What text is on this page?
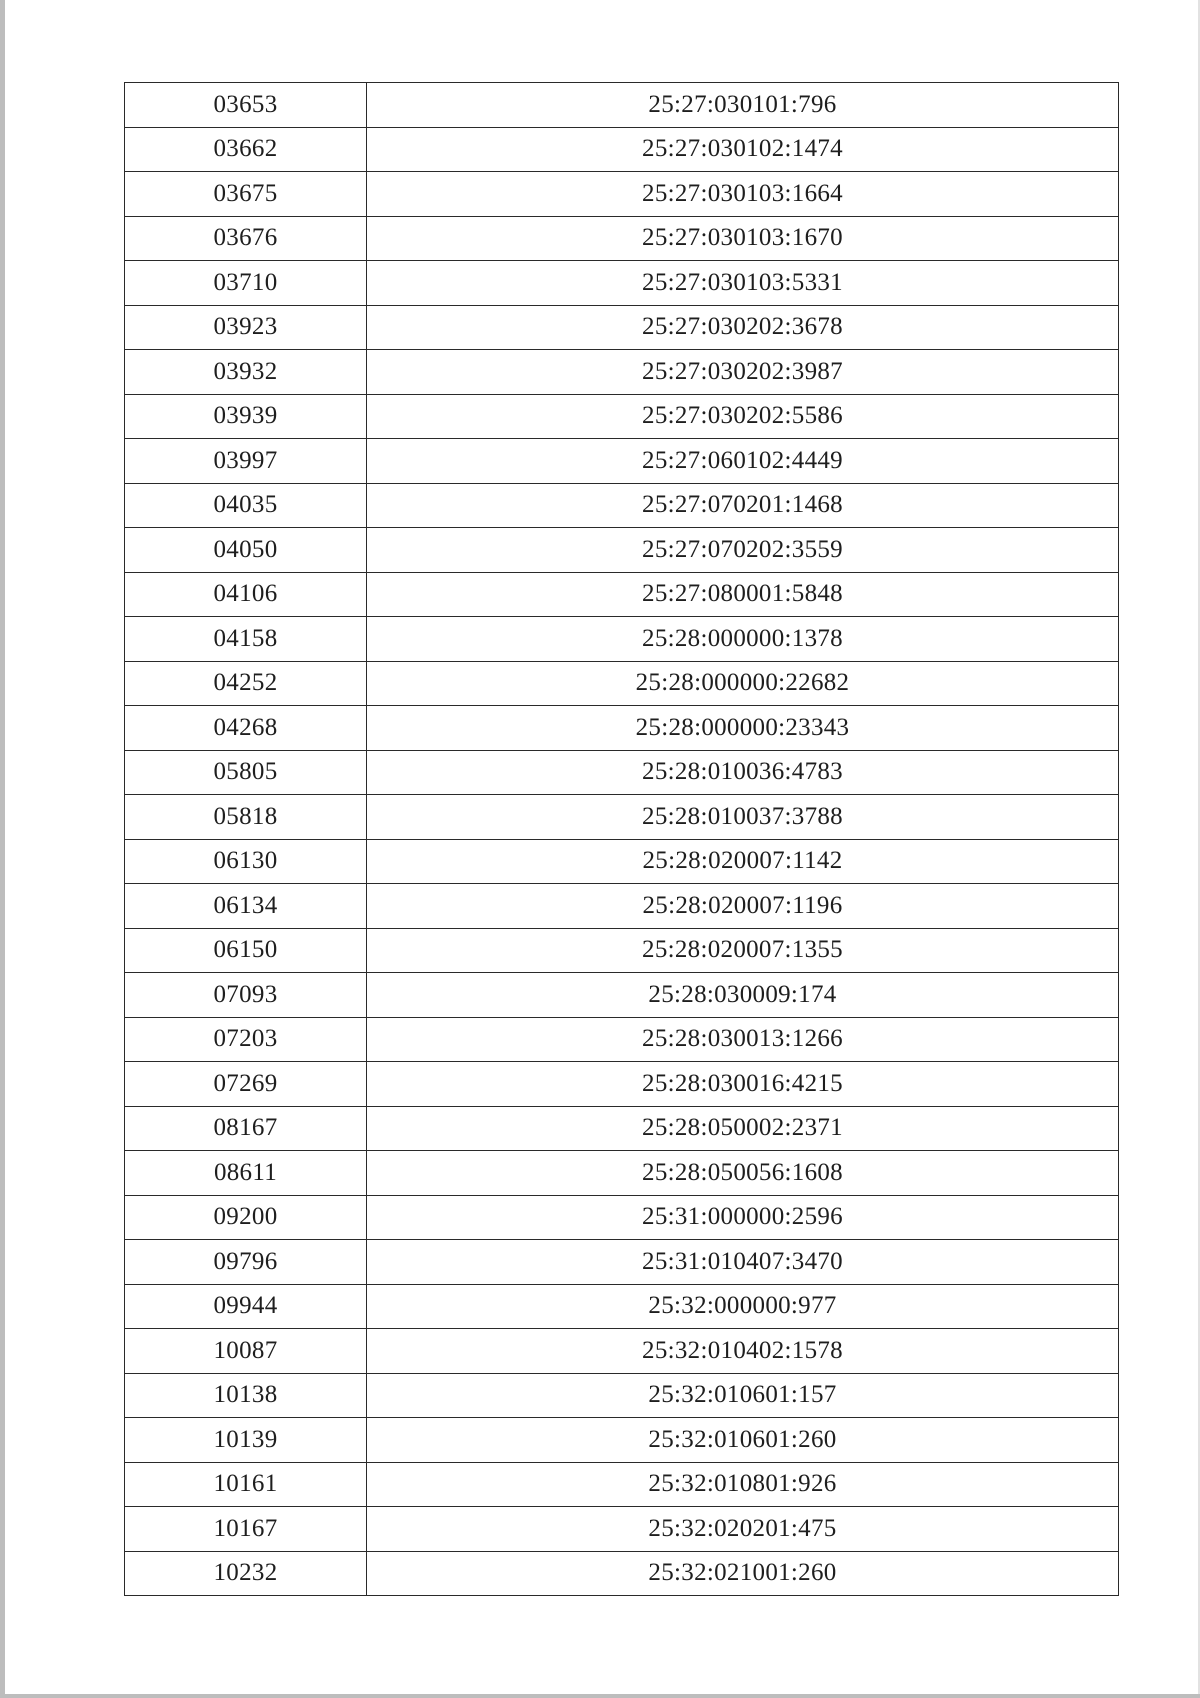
03653	25:27:030101:796
03662	25:27:030102:1474
03675	25:27:030103:1664
03676	25:27:030103:1670
03710	25:27:030103:5331
03923	25:27:030202:3678
03932	25:27:030202:3987
03939	25:27:030202:5586
03997	25:27:060102:4449
04035	25:27:070201:1468
04050	25:27:070202:3559
04106	25:27:080001:5848
04158	25:28:000000:1378
04252	25:28:000000:22682
04268	25:28:000000:23343
05805	25:28:010036:4783
05818	25:28:010037:3788
06130	25:28:020007:1142
06134	25:28:020007:1196
06150	25:28:020007:1355
07093	25:28:030009:174
07203	25:28:030013:1266
07269	25:28:030016:4215
08167	25:28:050002:2371
08611	25:28:050056:1608
09200	25:31:000000:2596
09796	25:31:010407:3470
09944	25:32:000000:977
10087	25:32:010402:1578
10138	25:32:010601:157
10139	25:32:010601:260
10161	25:32:010801:926
10167	25:32:020201:475
10232	25:32:021001:260
